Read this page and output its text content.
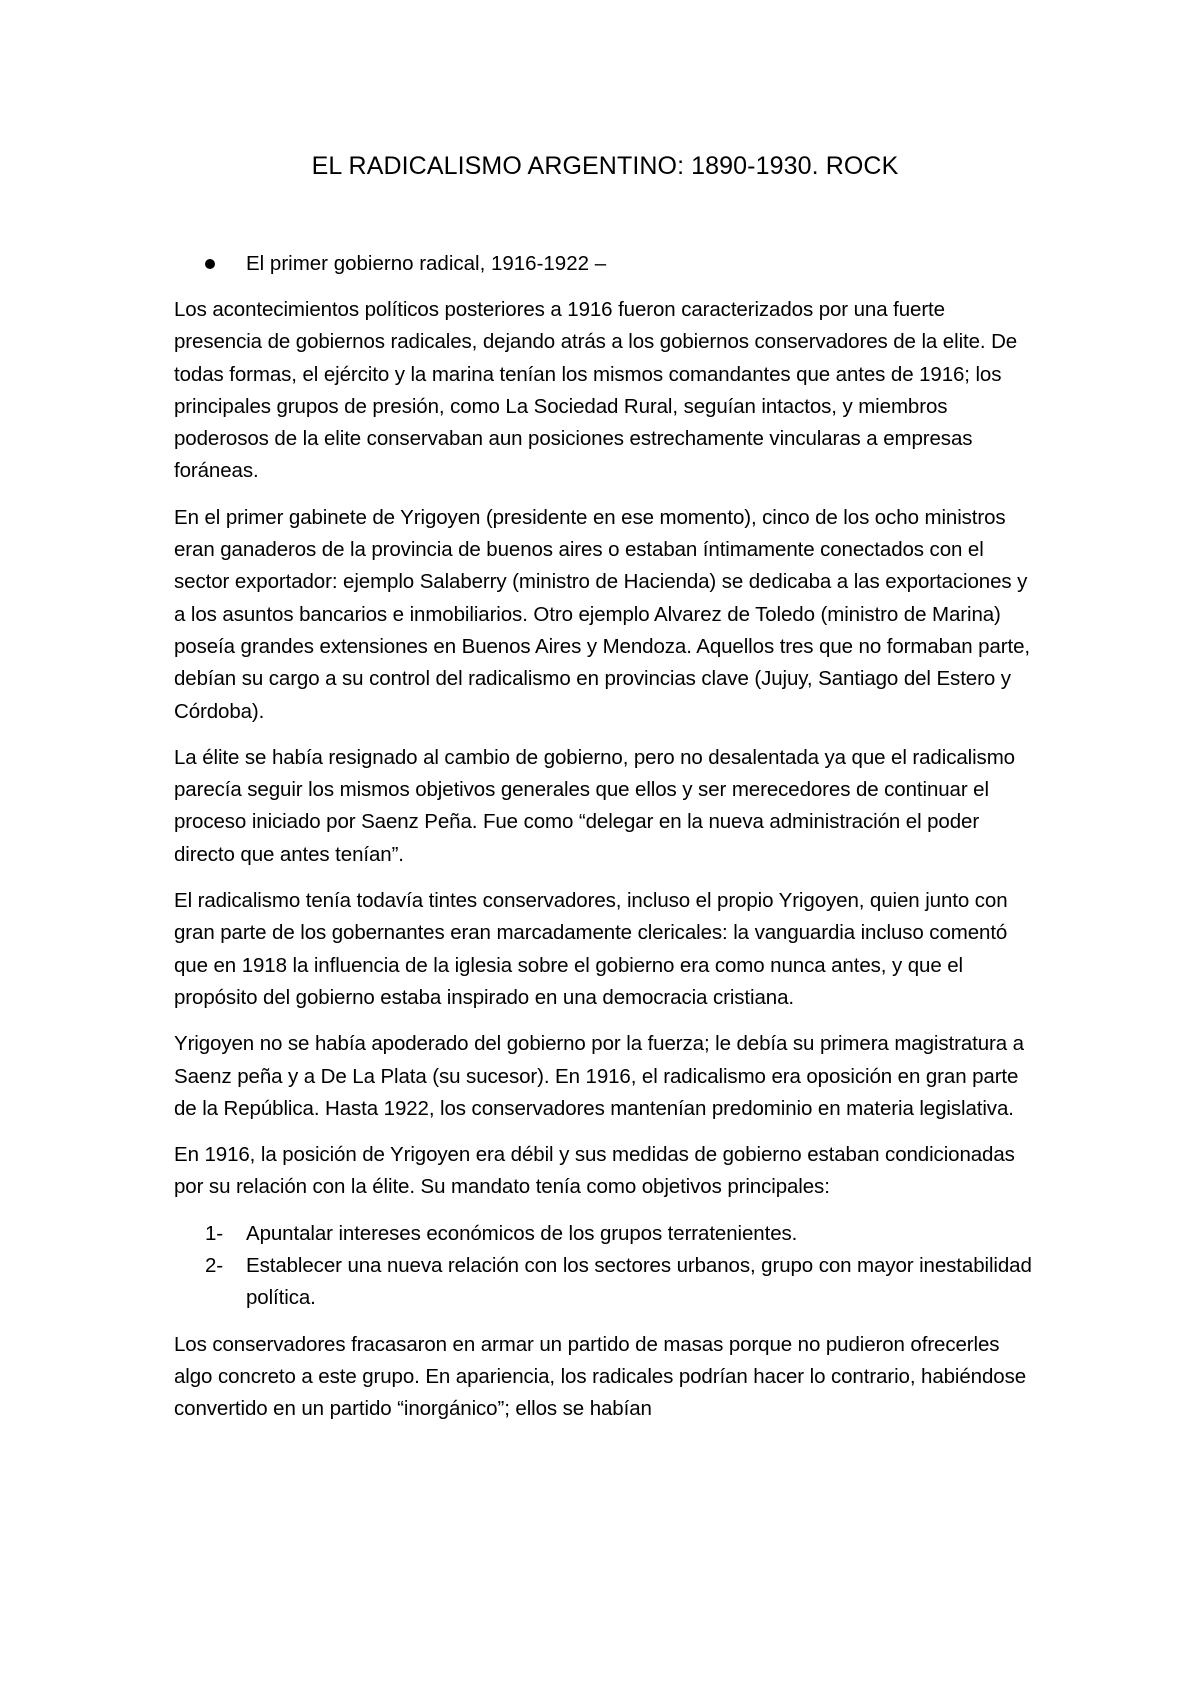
EL RADICALISMO ARGENTINO: 1890-1930. ROCK
El primer gobierno radical, 1916-1922 –

Los acontecimientos políticos posteriores a 1916 fueron caracterizados por una fuerte presencia de gobiernos radicales, dejando atrás a los gobiernos conservadores de la elite. De todas formas, el ejército y la marina tenían los mismos comandantes que antes de 1916; los principales grupos de presión, como La Sociedad Rural, seguían intactos, y miembros poderosos de la elite conservaban aun posiciones estrechamente vincularas a empresas foráneas.

En el primer gabinete de Yrigoyen (presidente en ese momento), cinco de los ocho ministros eran ganaderos de la provincia de buenos aires o estaban íntimamente conectados con el sector exportador: ejemplo Salaberry (ministro de Hacienda) se dedicaba a las exportaciones y a los asuntos bancarios e inmobiliarios. Otro ejemplo Alvarez de Toledo (ministro de Marina) poseía grandes extensiones en Buenos Aires y Mendoza. Aquellos tres que no formaban parte, debían su cargo a su control del radicalismo en provincias clave (Jujuy, Santiago del Estero y Córdoba).

La élite se había resignado al cambio de gobierno, pero no desalentada ya que el radicalismo parecía seguir los mismos objetivos generales que ellos y ser merecedores de continuar el proceso iniciado por Saenz Peña. Fue como “delegar en la nueva administración el poder directo que antes tenían”.

El radicalismo tenía todavía tintes conservadores, incluso el propio Yrigoyen, quien junto con gran parte de los gobernantes eran marcadamente clericales: la vanguardia incluso comentó que en 1918 la influencia de la iglesia sobre el gobierno era como nunca antes, y que el propósito del gobierno estaba inspirado en una democracia cristiana.

Yrigoyen no se había apoderado del gobierno por la fuerza; le debía su primera magistratura a Saenz peña y a De La Plata (su sucesor). En 1916, el radicalismo era oposición en gran parte de la República. Hasta 1922, los conservadores mantenían predominio en materia legislativa.

En 1916, la posición de Yrigoyen era débil y sus medidas de gobierno estaban condicionadas por su relación con la élite. Su mandato tenía como objetivos principales:

1- Apuntalar intereses económicos de los grupos terratenientes.
2- Establecer una nueva relación con los sectores urbanos, grupo con mayor inestabilidad política.

Los conservadores fracasaron en armar un partido de masas porque no pudieron ofrecerles algo concreto a este grupo. En apariencia, los radicales podrían hacer lo contrario, habiéndose convertido en un partido “inorgánico”; ellos se habían
